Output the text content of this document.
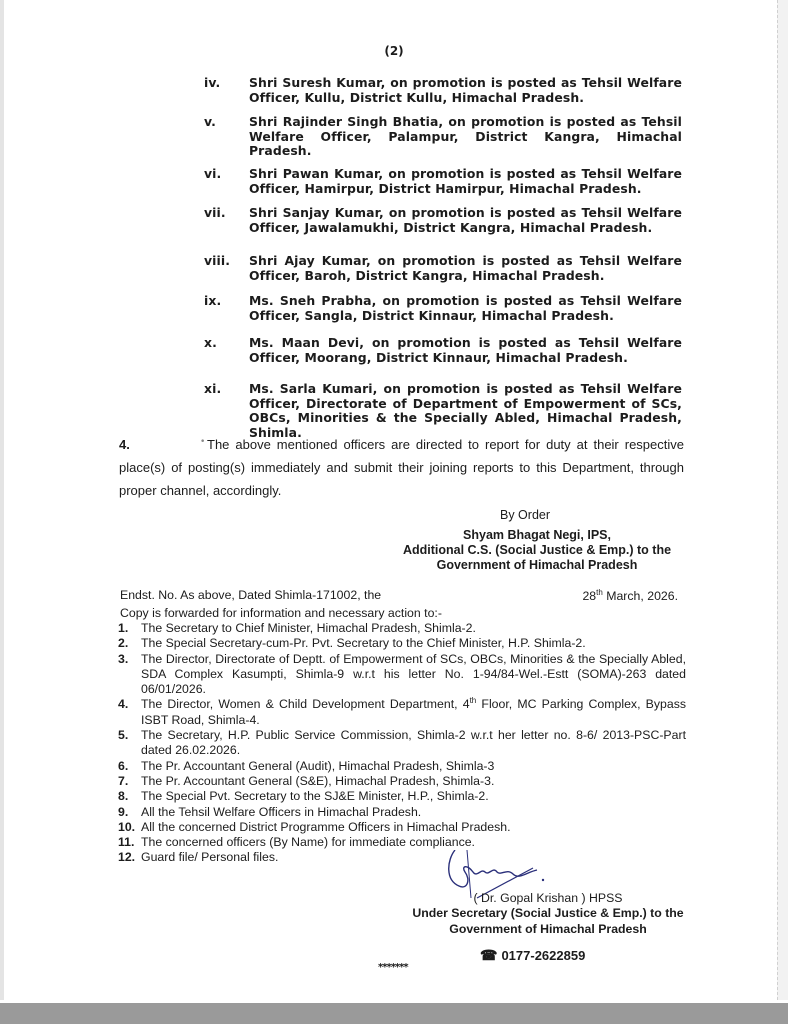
(2)
iv.	Shri Suresh Kumar, on promotion is posted as Tehsil Welfare Officer, Kullu, District Kullu, Himachal Pradesh.
v.	Shri Rajinder Singh Bhatia, on promotion is posted as Tehsil Welfare Officer, Palampur, District Kangra, Himachal Pradesh.
vi.	Shri Pawan Kumar, on promotion is posted as Tehsil Welfare Officer, Hamirpur, District Hamirpur, Himachal Pradesh.
vii.	Shri Sanjay Kumar, on promotion is posted as Tehsil Welfare Officer, Jawalamukhi, District Kangra, Himachal Pradesh.
viii. Shri Ajay Kumar, on promotion is posted as Tehsil Welfare Officer, Baroh, District Kangra, Himachal Pradesh.
ix.	Ms. Sneh Prabha, on promotion is posted as Tehsil Welfare Officer, Sangla, District Kinnaur, Himachal Pradesh.
x.	Ms. Maan Devi, on promotion is posted as Tehsil Welfare Officer, Moorang, District Kinnaur, Himachal Pradesh.
xi.	Ms. Sarla Kumari, on promotion is posted as Tehsil Welfare Officer, Directorate of Department of Empowerment of SCs, OBCs, Minorities & the Specially Abled, Himachal Pradesh, Shimla.
•
4.	The above mentioned officers are directed to report for duty at their respective place(s) of posting(s) immediately and submit their joining reports to this Department, through proper channel, accordingly.
By Order
Shyam Bhagat Negi, IPS,
Additional C.S. (Social Justice & Emp.) to the
Government of Himachal Pradesh
Endst. No. As above, Dated Shimla-171002, the	28th March, 2026.
Copy is forwarded for information and necessary action to:-
1. The Secretary to Chief Minister, Himachal Pradesh, Shimla-2.
2. The Special Secretary-cum-Pr. Pvt. Secretary to the Chief Minister, H.P. Shimla-2.
3. The Director, Directorate of Deptt. of Empowerment of SCs, OBCs, Minorities & the Specially Abled, SDA Complex Kasumpti, Shimla-9 w.r.t his letter No. 1-94/84-Wel.-Estt (SOMA)-263 dated 06/01/2026.
4. The Director, Women & Child Development Department, 4th Floor, MC Parking Complex, Bypass ISBT Road, Shimla-4.
5. The Secretary, H.P. Public Service Commission, Shimla-2 w.r.t her letter no. 8-6/ 2013-PSC-Part dated 26.02.2026.
6. The Pr. Accountant General (Audit), Himachal Pradesh, Shimla-3
7. The Pr. Accountant General (S&E), Himachal Pradesh, Shimla-3.
8. The Special Pvt. Secretary to the SJ&E Minister, H.P., Shimla-2.
9. All the Tehsil Welfare Officers in Himachal Pradesh.
10. All the concerned District Programme Officers in Himachal Pradesh.
11. The concerned officers (By Name) for immediate compliance.
12. Guard file/ Personal files.
( Dr. Gopal Krishan ) HPSS
Under Secretary (Social Justice & Emp.) to the
Government of Himachal Pradesh
☎ 0177-2622859
*******
